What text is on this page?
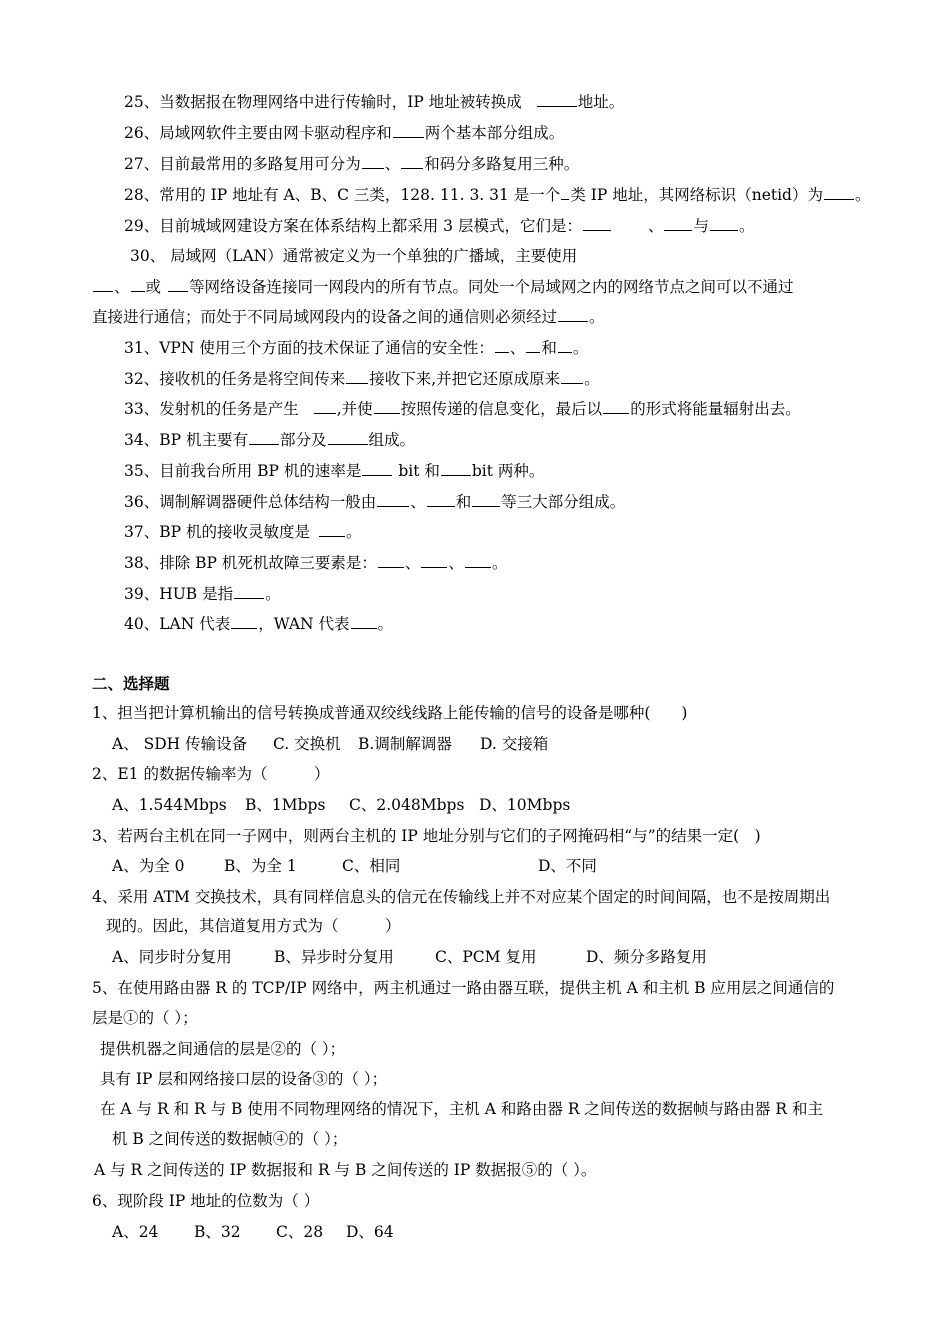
25、当数据报在物理网络中进行传输时，IP 地址被转换成	地址。
26、局域网软件主要由网卡驱动程序和 两个基本部分组成。
27、目前最常用的多路复用可分为 、 和码分多路复用三种。
28、常用的 IP 地址有 A、B、C 三类，128. 11. 3. 31 是一个 类 IP 地址，其网络标识（netid）为 。
29、目前城域网建设方案在体系结构上都采用 3 层模式，它们是：	、 与 。
30、 局域网（LAN）通常被定义为一个单独的广播域，主要使用
、 或 等网络设备连接同一网段内的所有节点。同处一个局域网之内的网络节点之间可以不通过
直接进行通信；而处于不同局域网段内的设备之间的通信则必须经过 。
31、VPN 使用三个方面的技术保证了通信的安全性： 、 和 。
32、接收机的任务是将空间传来 接收下来,并把它还原成原来 。
33、发射机的任务是产生 ,并使 按照传递的信息变化，最后以 的形式将能量辐射出去。
34、BP 机主要有 部分及	组成。
35、目前我台所用 BP 机的速率是 bit 和 bit 两种。
36、调制解调器硬件总体结构一般由 、 和 等三大部分组成。
37、BP 机的接收灵敏度是 。
38、排除 BP 机死机故障三要素是： 、 、 。
39、HUB 是指 。
40、LAN 代表 ，WAN 代表 。
二、选择题
1、担当把计算机输出的信号转换成普通双绞线线路上能传输的信号的设备是哪种(　　)
A、 SDH 传输设备 C. 交换机 B.调制解调器 D. 交接箱
2、E1 的数据传输率为（　　　）
A、1.544Mbps B、1Mbps C、2.048Mbps D、10Mbps
3、若两台主机在同一子网中，则两台主机的 IP 地址分别与它们的子网掩码相“与”的结果一定(　)
A、为全 0	B、为全 1	C、相同	D、不同
4、采用 ATM 交换技术，具有同样信息头的信元在传输线上并不对应某个固定的时间间隔，也不是按周期出
现的。因此，其信道复用方式为（　　　）
A、同步时分复用	B、异步时分复用	C、PCM 复用	D、频分多路复用
5、在使用路由器 R 的 TCP/IP 网络中，两主机通过一路由器互联，提供主机 A 和主机 B 应用层之间通信的
层是①的（ ）；
提供机器之间通信的层是②的（ ）；
具有 IP 层和网络接口层的设备③的（ ）；
在 A 与 R 和 R 与 B 使用不同物理网络的情况下，主机 A 和路由器 R 之间传送的数据帧与路由器 R 和主
机 B 之间传送的数据帧④的（ ）；
A 与 R 之间传送的 IP 数据报和 R 与 B 之间传送的 IP 数据报⑤的（ ）。
6、现阶段 IP 地址的位数为（ ）
A、24 B、32 C、28 D、64
